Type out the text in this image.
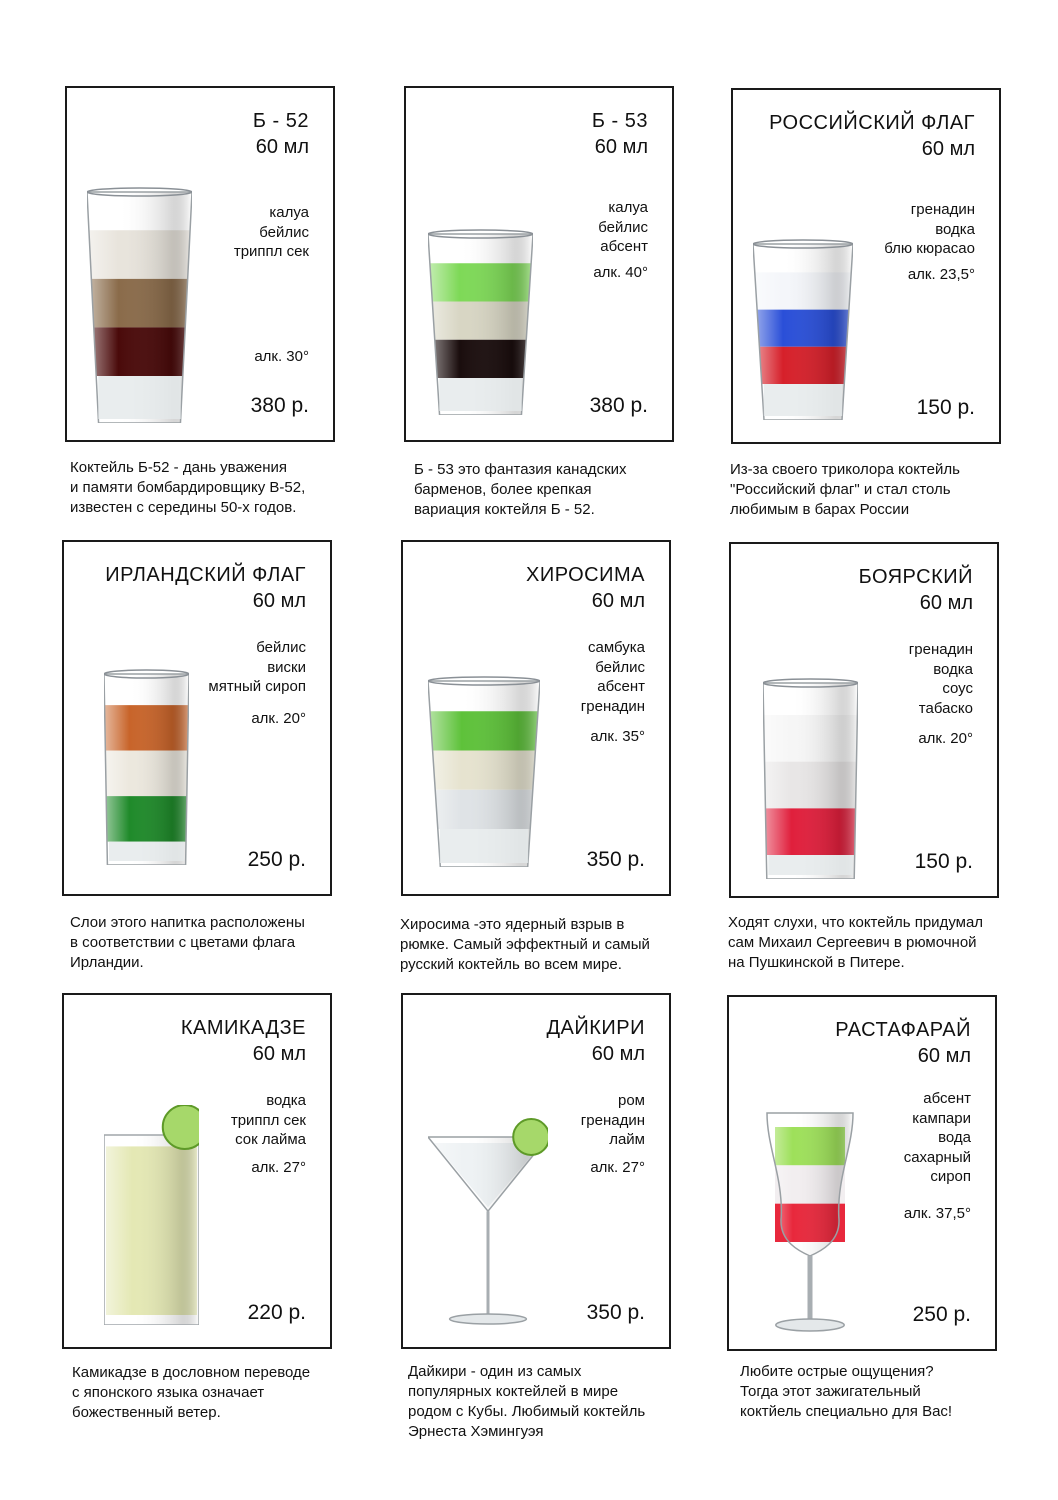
Б - 52
60 мл
калуа
бейлис
триппл сек
алк. 30°
380 р.
Коктейль Б-52 - дань уважения
и памяти бомбардировщику B-52,
известен с середины 50-х годов.
Б - 53
60 мл
калуа
бейлис
абсент
алк. 40°
380 р.
Б - 53 это фантазия канадских
барменов, более крепкая
вариация коктейля Б - 52.
РОССИЙСКИЙ ФЛАГ
60 мл
гренадин
водка
блю кюрасао
алк. 23,5°
150 р.
Из-за своего триколора коктейль
"Российский флаг" и стал столь
любимым в барах России
ИРЛАНДСКИЙ ФЛАГ
60 мл
бейлис
виски
мятный сироп
алк. 20°
250 р.
Слои этого напитка расположены
в соответствии с цветами флага
Ирландии.
ХИРОСИМА
60 мл
самбука
бейлис
абсент
гренадин
алк. 35°
350 р.
Хиросима -это ядерный взрыв в
рюмке. Самый эффектный и самый
русский коктейль во всем мире.
БОЯРСКИЙ
60 мл
гренадин
водка
соус
табаско
алк. 20°
150 р.
Ходят слухи, что коктейль придумал
сам Михаил Сергеевич в рюмочной
на Пушкинской в Питере.
КАМИКАДЗЕ
60 мл
водка
триппл сек
сок лайма
алк. 27°
220 р.
Камикадзе в дословном переводе
с японского языка означает
божественный ветер.
ДАЙКИРИ
60 мл
ром
гренадин
лайм
алк. 27°
350 р.
Дайкири - один из самых
популярных коктейлей в мире
родом с Кубы. Любимый коктейль
Эрнеста Хэмингуэя
РАСТАФАРАЙ
60 мл
абсент
кампари
вода
сахарный
сироп
алк. 37,5°
250 р.
Любите острые ощущения?
Тогда этот зажигательный
коктйель специально для Вас!
